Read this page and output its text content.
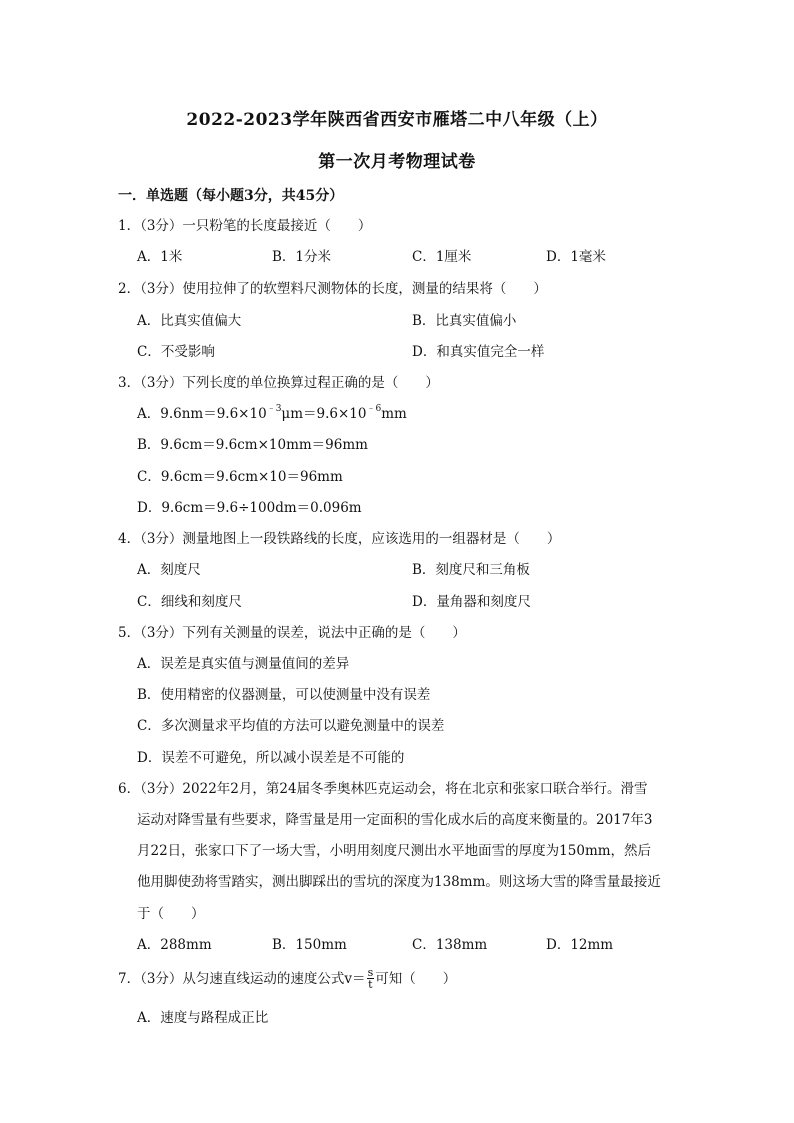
2022-2023学年陕西省西安市雁塔二中八年级（上）
第一次月考物理试卷
一．单选题（每小题3分，共45分）
1．（3分）一只粉笔的长度最接近（　　）
A．1米	B．1分米	C．1厘米	D．1毫米
2．（3分）使用拉伸了的软塑料尺测物体的长度，测量的结果将（　　）
A．比真实值偏大	B．比真实值偏小
C．不受影响	D．和真实值完全一样
3．（3分）下列长度的单位换算过程正确的是（　　）
A．$9.6nm=9.6\times 10^{﹣3}\mu m=9.6\times 10^{﹣6}mm$
B．9.6cm＝9.6cm×10mm＝96mm
C．9.6cm＝9.6cm×10＝96mm
D．9.6cm＝9.6÷100dm＝0.096m
4．（3分）测量地图上一段铁路线的长度，应该选用的一组器材是（　　）
A．刻度尺	B．刻度尺和三角板
C．细线和刻度尺	D．量角器和刻度尺
5．（3分）下列有关测量的误差，说法中正确的是（　　）
A．误差是真实值与测量值间的差异
B．使用精密的仪器测量，可以使测量中没有误差
C．多次测量求平均值的方法可以避免测量中的误差
D．误差不可避免，所以减小误差是不可能的
6．（3分）2022年2月，第24届冬季奥林匹克运动会，将在北京和张家口联合举行。滑雪
运动对降雪量有些要求，降雪量是用一定面积的雪化成水后的高度来衡量的。2017年3
月22日，张家口下了一场大雪，小明用刻度尺测出水平地面雪的厚度为150mm，然后
他用脚使劲将雪踏实，测出脚踩出的雪坑的深度为138mm。则这场大雪的降雪量最接近
于（　　）
A．288mm	B．150mm	C．138mm	D．12mm
7．（3分）从匀速直线运动的速度公式$v= \frac{s}{t}$ 可知（　　）
A．速度与路程成正比
